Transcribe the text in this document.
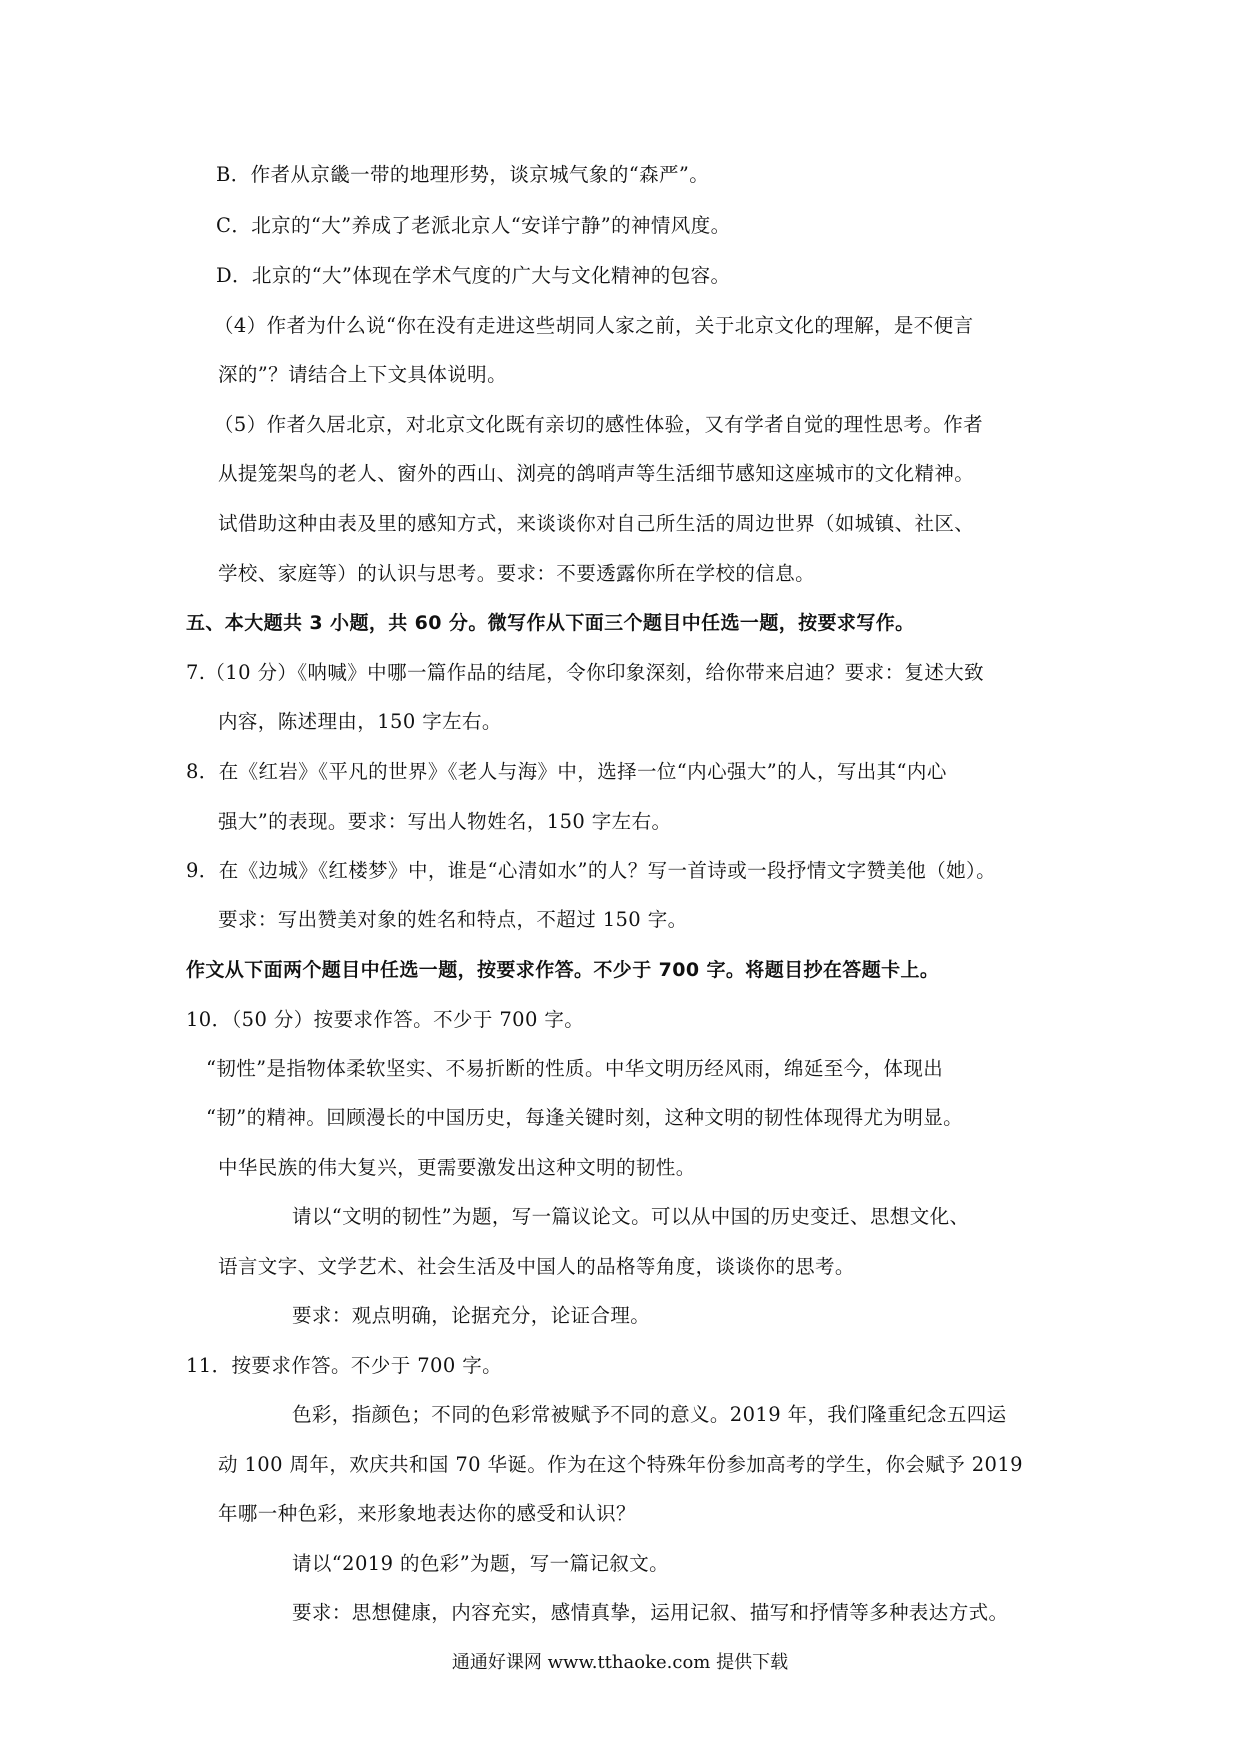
B．作者从京畿一带的地理形势，谈京城气象的“森严”。

C．北京的“大”养成了老派北京人“安详宁静”的神情风度。

D．北京的“大”体现在学术气度的广大与文化精神的包容。

（4）作者为什么说“你在没有走进这些胡同人家之前，关于北京文化的理解，是不便言

深的”？请结合上下文具体说明。

（5）作者久居北京，对北京文化既有亲切的感性体验，又有学者自觉的理性思考。作者

从提笼架鸟的老人、窗外的西山、浏亮的鸽哨声等生活细节感知这座城市的文化精神。

试借助这种由表及里的感知方式，来谈谈你对自己所生活的周边世界（如城镇、社区、

学校、家庭等）的认识与思考。要求：不要透露你所在学校的信息。

五、本大题共 3 小题，共 60 分。微写作从下面三个题目中任选一题，按要求写作。

7.（10 分）《呐喊》中哪一篇作品的结尾，令你印象深刻，给你带来启迪？要求：复述大致

内容，陈述理由，150 字左右。

8．在《红岩》《平凡的世界》《老人与海》中，选择一位“内心强大”的人，写出其“内心

强大”的表现。要求：写出人物姓名，150 字左右。

9．在《边城》《红楼梦》中，谁是“心清如水”的人？写一首诗或一段抒情文字赞美他（她）。

要求：写出赞美对象的姓名和特点，不超过 150 字。

作文从下面两个题目中任选一题，按要求作答。不少于 700 字。将题目抄在答题卡上。

10．（50 分）按要求作答。不少于 700 字。

“韧性”是指物体柔软坚实、不易折断的性质。中华文明历经风雨，绵延至今，体现出

“韧”的精神。回顾漫长的中国历史，每逢关键时刻，这种文明的韧性体现得尤为明显。

中华民族的伟大复兴，更需要激发出这种文明的韧性。

请以“文明的韧性”为题，写一篇议论文。可以从中国的历史变迁、思想文化、

语言文字、文学艺术、社会生活及中国人的品格等角度，谈谈你的思考。

要求：观点明确，论据充分，论证合理。

11．按要求作答。不少于 700 字。

色彩，指颜色；不同的色彩常被赋予不同的意义。2019 年，我们隆重纪念五四运

动 100 周年，欢庆共和国 70 华诞。作为在这个特殊年份参加高考的学生，你会赋予 2019

年哪一种色彩，来形象地表达你的感受和认识？

请以“2019 的色彩”为题，写一篇记叙文。

要求：思想健康，内容充实，感情真挚，运用记叙、描写和抒情等多种表达方式。

通通好课网 www.tthaoke.com 提供下载
